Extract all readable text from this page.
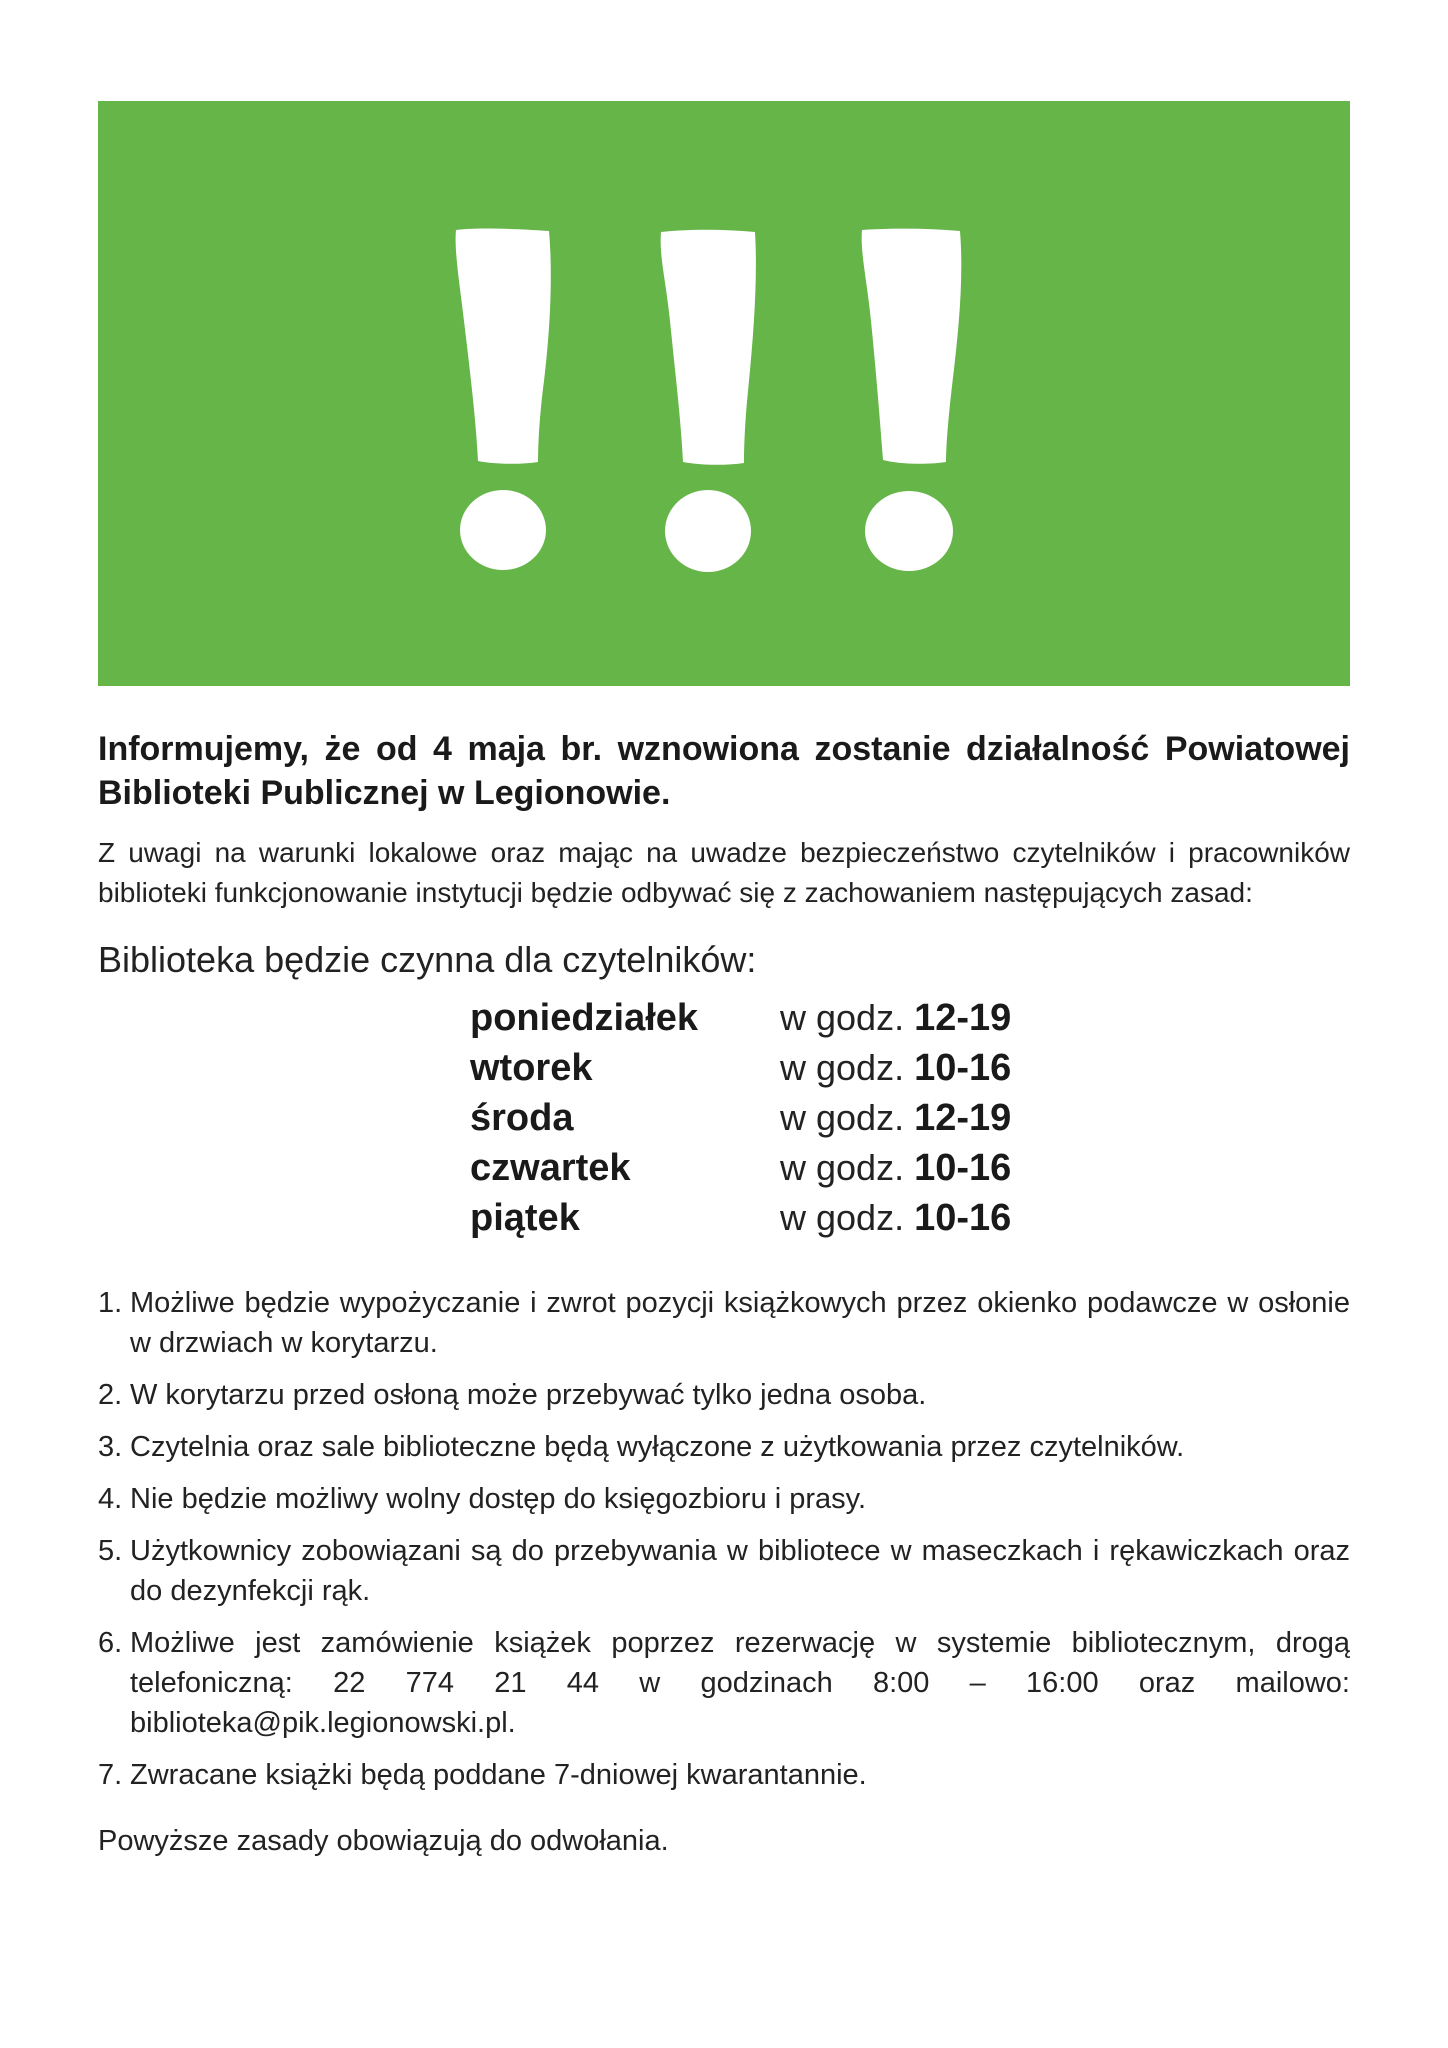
Informujemy, że od 4 maja br. wznowiona zostanie działalność Powiatowej Biblioteki Publicznej w Legionowie.

Z uwagi na warunki lokalowe oraz mając na uwadze bezpieczeństwo czytelników i pracowników biblioteki funkcjonowanie instytucji będzie odbywać się z zachowaniem następujących zasad:

Biblioteka będzie czynna dla czytelników:

poniedziałek	w godz. 12-19
wtorek	w godz. 10-16
środa	w godz. 12-19
czwartek	w godz. 10-16
piątek	w godz. 10-16
1. Możliwe będzie wypożyczanie i zwrot pozycji książkowych przez okienko podawcze w osłonie w drzwiach w korytarzu.
2. W korytarzu przed osłoną może przebywać tylko jedna osoba.
3. Czytelnia oraz sale biblioteczne będą wyłączone z użytkowania przez czytelników.
4. Nie będzie możliwy wolny dostęp do księgozbioru i prasy.
5. Użytkownicy zobowiązani są do przebywania w bibliotece w maseczkach i rękawiczkach oraz do dezynfekcji rąk.
6. Możliwe jest zamówienie książek poprzez rezerwację w systemie bibliotecznym, drogą telefoniczną: 22 774 21 44 w godzinach 8:00 – 16:00 oraz mailowo: biblioteka@pik.legionowski.pl.
7. Zwracane książki będą poddane 7-dniowej kwarantannie.

Powyższe zasady obowiązują do odwołania.
